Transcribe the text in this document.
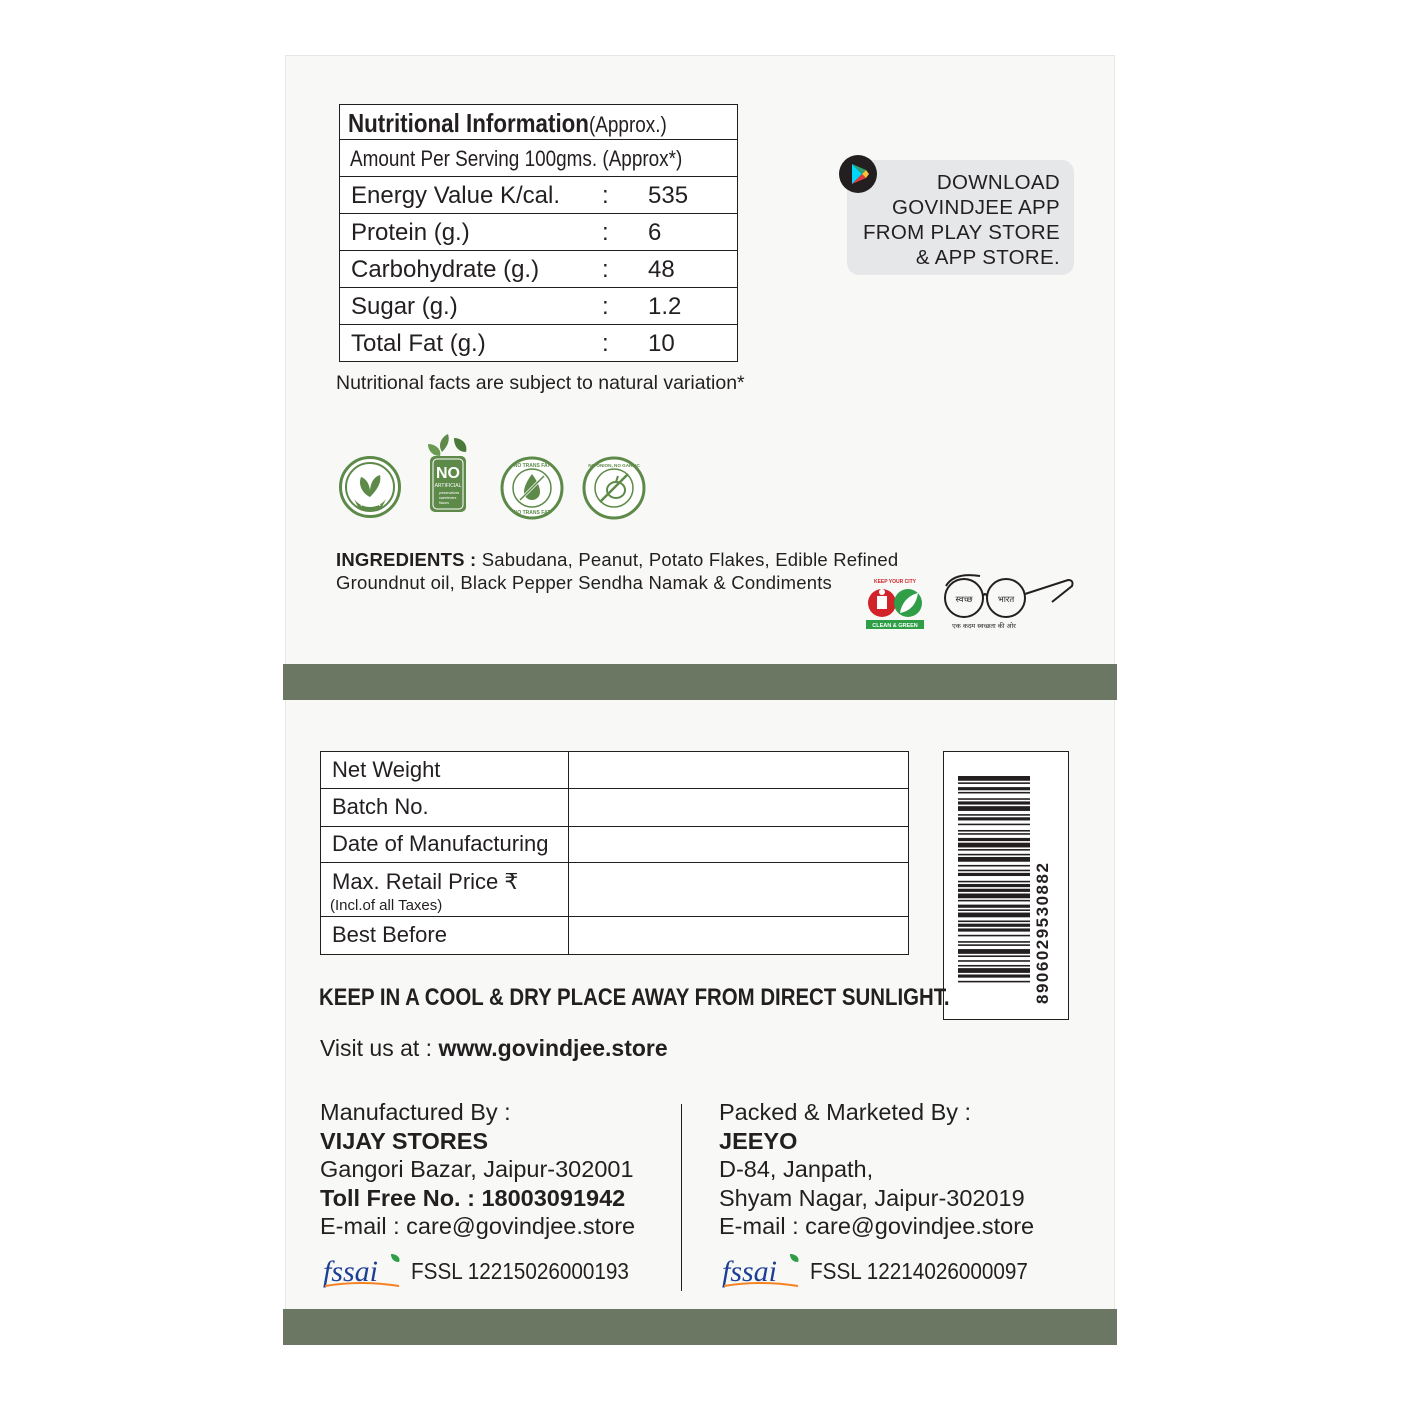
Nutritional Information(Approx.)
Amount Per Serving 100gms. (Approx*)
Energy Value K/cal. : 535
Protein (g.)	: 6
Carbohydrate (g.)	: 48
Sugar (g.)	: 1.2
Total Fat (g.)	: 10
Nutritional facts are subject to natural variation*
DOWNLOAD
GOVINDJEE APP
FROM PLAY STORE
& APP STORE.
VEGAN
NO
ARTIFICIAL
preservatives
sweeteners
flavors
NO TRANS FAT
NO TRANS FAT
NO ONION, NO GARLIC
INGREDIENTS : Sabudana, Peanut, Potato Flakes, Edible Refined Groundnut oil, Black Pepper Sendha Namak & Condiments	KEEP YOUR CITY
CLEAN & GREEN
स्वच्छ	भारत
एक कदम स्वच्छता की ओर
Net Weight	
Batch No.	
Date of Manufacturing	
Max. Retail Price ₹
(Incl.of all Taxes)	

Best Before		8906029530882
KEEP IN A COOL & DRY PLACE AWAY FROM DIRECT SUNLIGHT.
Visit us at : www.govindjee.store
Manufactured By :
VIJAY STORES
Gangori Bazar, Jaipur-302001
Toll Free No. : 18003091942
E-mail : care@govindjee.store
Packed & Marketed By :
JEEYO
D-84, Janpath,
Shyam Nagar, Jaipur-302019
E-mail : care@govindjee.store
fssai FSSL 12215026000193	fssai FSSL 12214026000097
